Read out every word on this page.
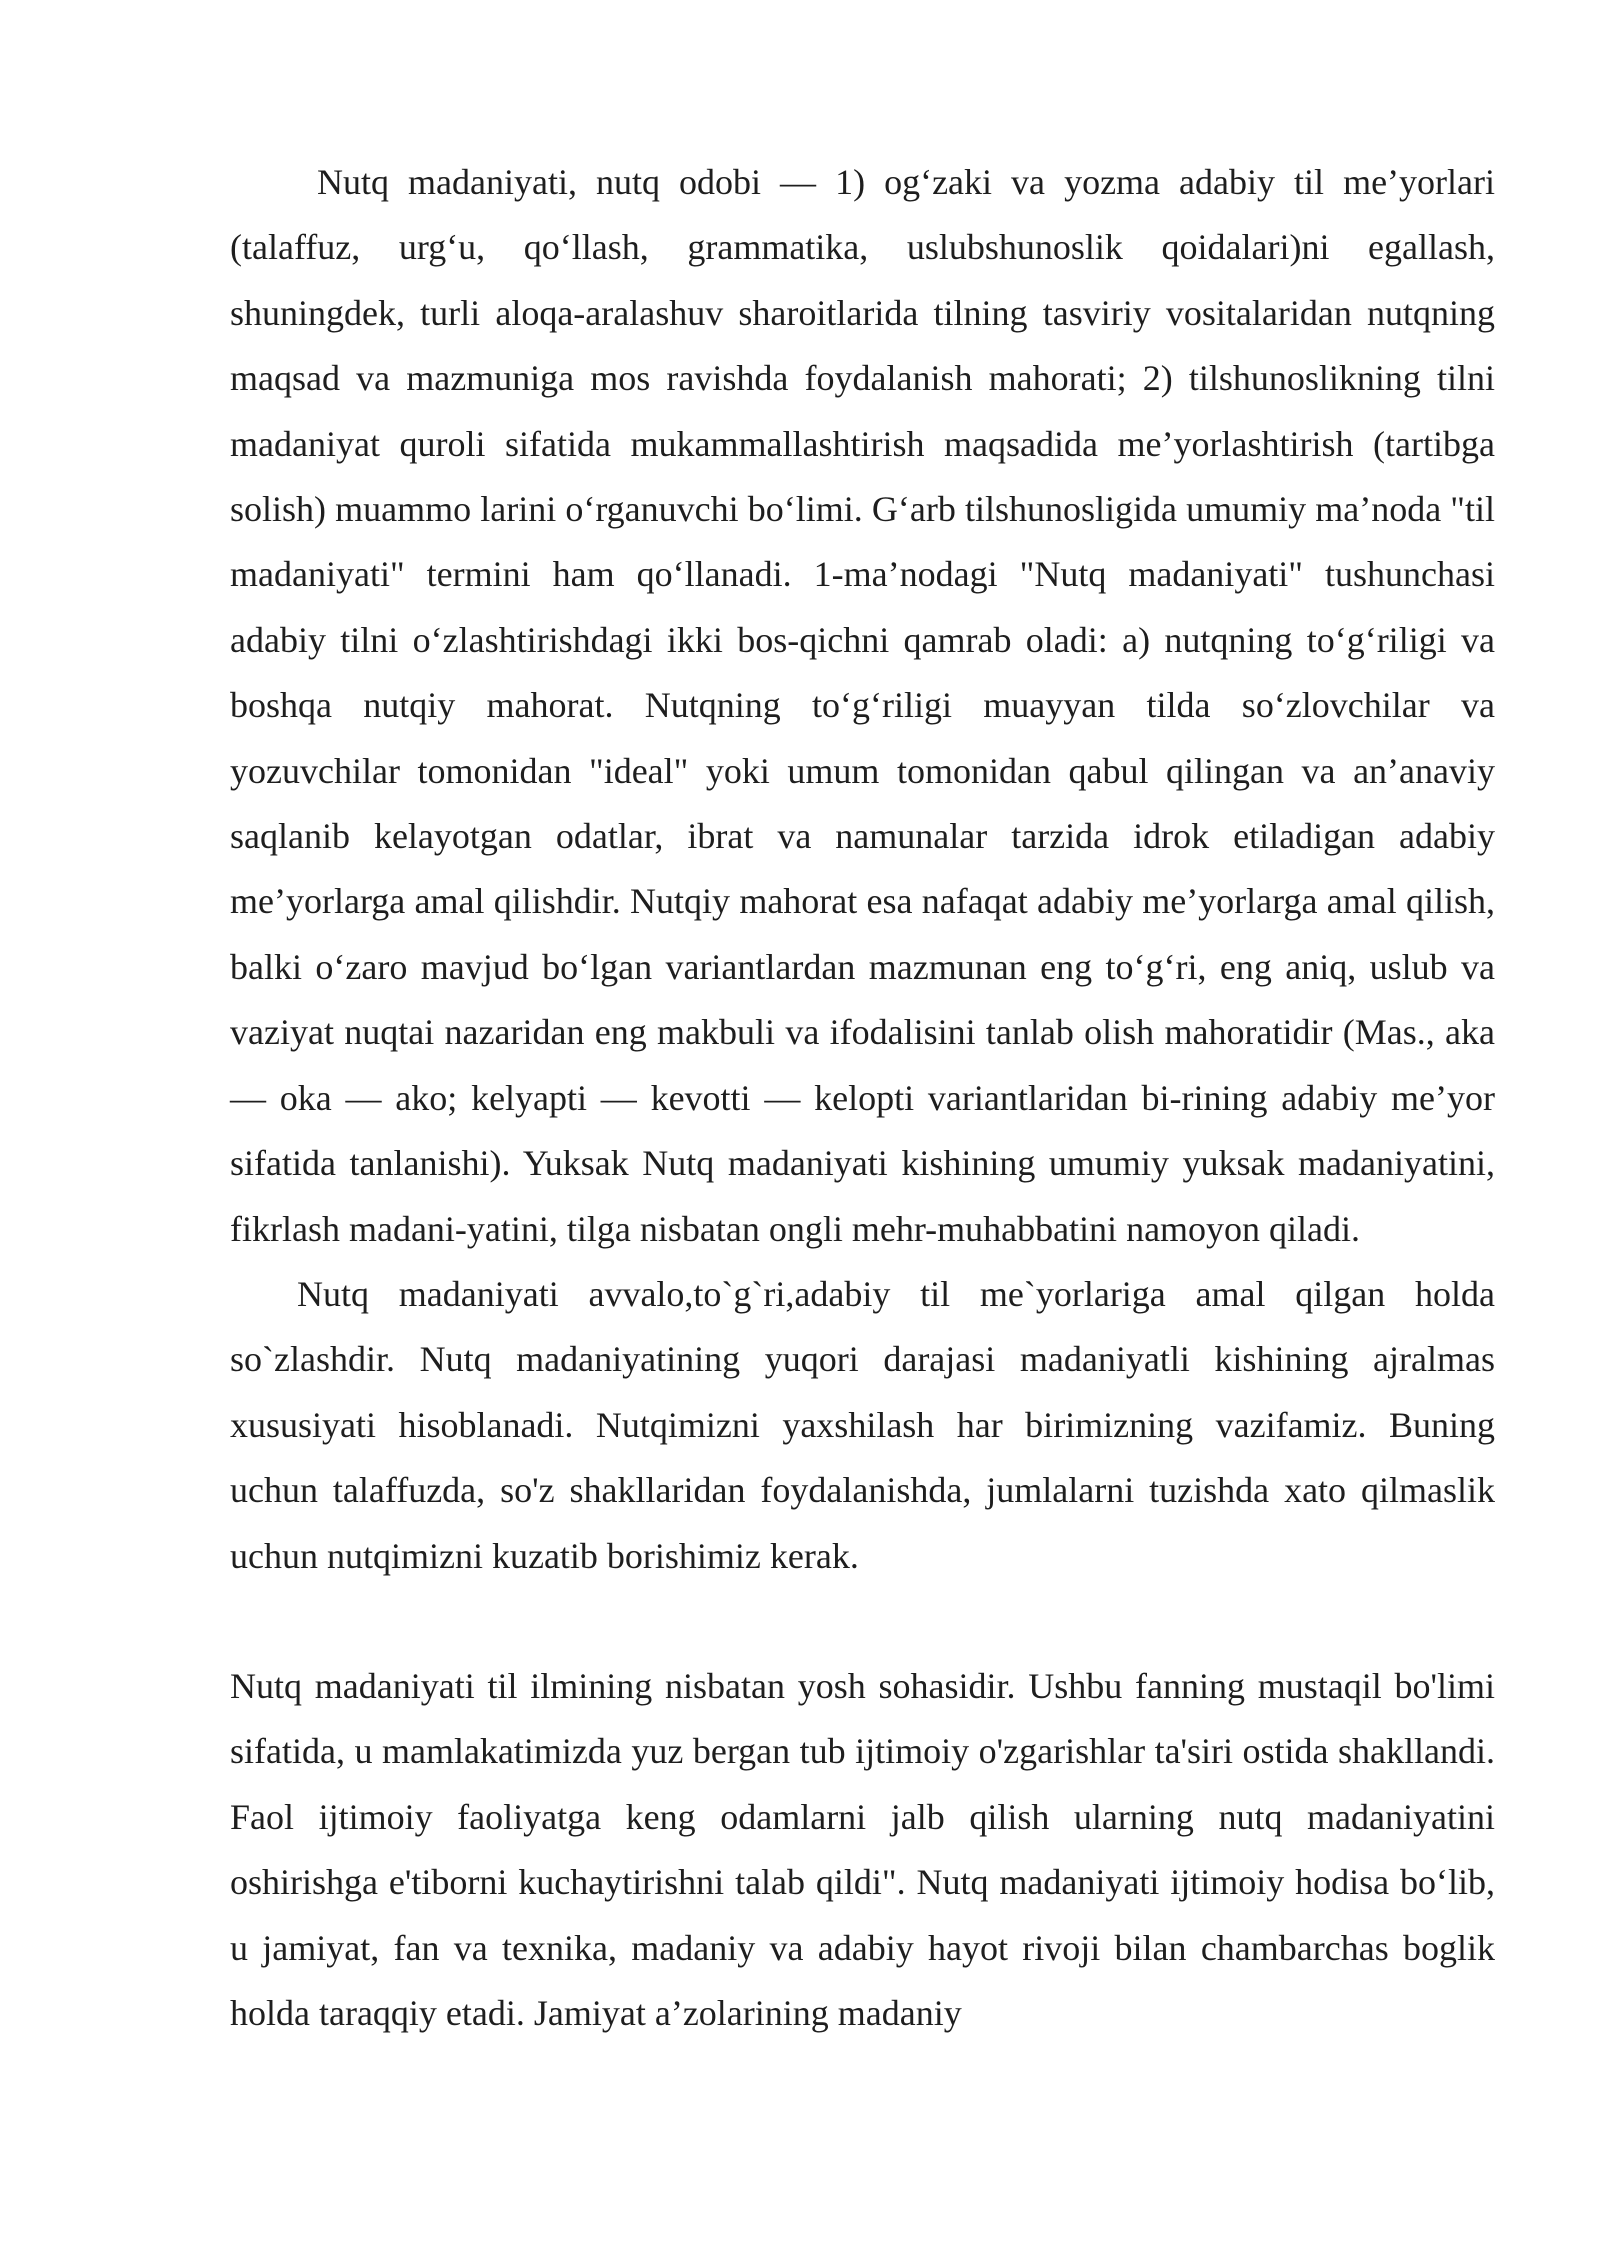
Nutq madaniyati, nutq odobi — 1) og‘zaki va yozma adabiy til me’yorlari (talaffuz, urg‘u, qo‘llash, grammatika, uslubshunoslik qoidalari)ni egallash, shuningdek, turli aloqa-aralashuv sharoitlarida tilning tasviriy vositalaridan nutqning maqsad va mazmuniga mos ravishda foydalanish mahorati; 2) tilshunoslikning tilni madaniyat quroli sifatida mukammallashtirish maqsadida me’yorlashtirish (tartibga solish) muammo larini o‘rganuvchi bo‘limi. G‘arb tilshunosligida umumiy ma’noda "til madaniyati" termini ham qo‘llanadi. 1-ma’nodagi "Nutq madaniyati" tushunchasi adabiy tilni o‘zlashtirishdagi ikki bos-qichni qamrab oladi: a) nutqning to‘g‘riligi va boshqa nutqiy mahorat. Nutqning to‘g‘riligi muayyan tilda so‘zlovchilar va yozuvchilar tomonidan "ideal" yoki umum tomonidan qabul qilingan va an’anaviy saqlanib kelayotgan odatlar, ibrat va namunalar tarzida idrok etiladigan adabiy me’yorlarga amal qilishdir. Nutqiy mahorat esa nafaqat adabiy me’yorlarga amal qilish, balki o‘zaro mavjud bo‘lgan variantlardan mazmunan eng to‘g‘ri, eng aniq, uslub va vaziyat nuqtai nazaridan eng makbuli va ifodalisini tanlab olish mahoratidir (Mas., aka — oka — ako; kelyapti — kevotti — kelopti variantlaridan bi-rining adabiy me’yor sifatida tanlanishi). Yuksak Nutq madaniyati kishining umumiy yuksak madaniyatini, fikrlash madani-yatini, tilga nisbatan ongli mehr-muhabbatini namoyon qiladi.

Nutq madaniyati avvalo,to`g`ri,adabiy til me`yorlariga amal qilgan holda so`zlashdir. Nutq madaniyatining yuqori darajasi madaniyatli kishining ajralmas xususiyati hisoblanadi. Nutqimizni yaxshilash har birimizning vazifamiz. Buning uchun talaffuzda, so'z shakllaridan foydalanishda, jumlalarni tuzishda xato qilmaslik uchun nutqimizni kuzatib borishimiz kerak.

Nutq madaniyati til ilmining nisbatan yosh sohasidir. Ushbu fanning mustaqil bo'limi sifatida, u mamlakatimizda yuz bergan tub ijtimoiy o'zgarishlar ta'siri ostida shakllandi. Faol ijtimoiy faoliyatga keng odamlarni jalb qilish ularning nutq madaniyatini oshirishga e'tiborni kuchaytirishni talab qildi". Nutq madaniyati ijtimoiy hodisa bo‘lib, u jamiyat, fan va texnika, madaniy va adabiy hayot rivoji bilan chambarchas boglik holda taraqqiy etadi. Jamiyat a’zolarining madaniy
